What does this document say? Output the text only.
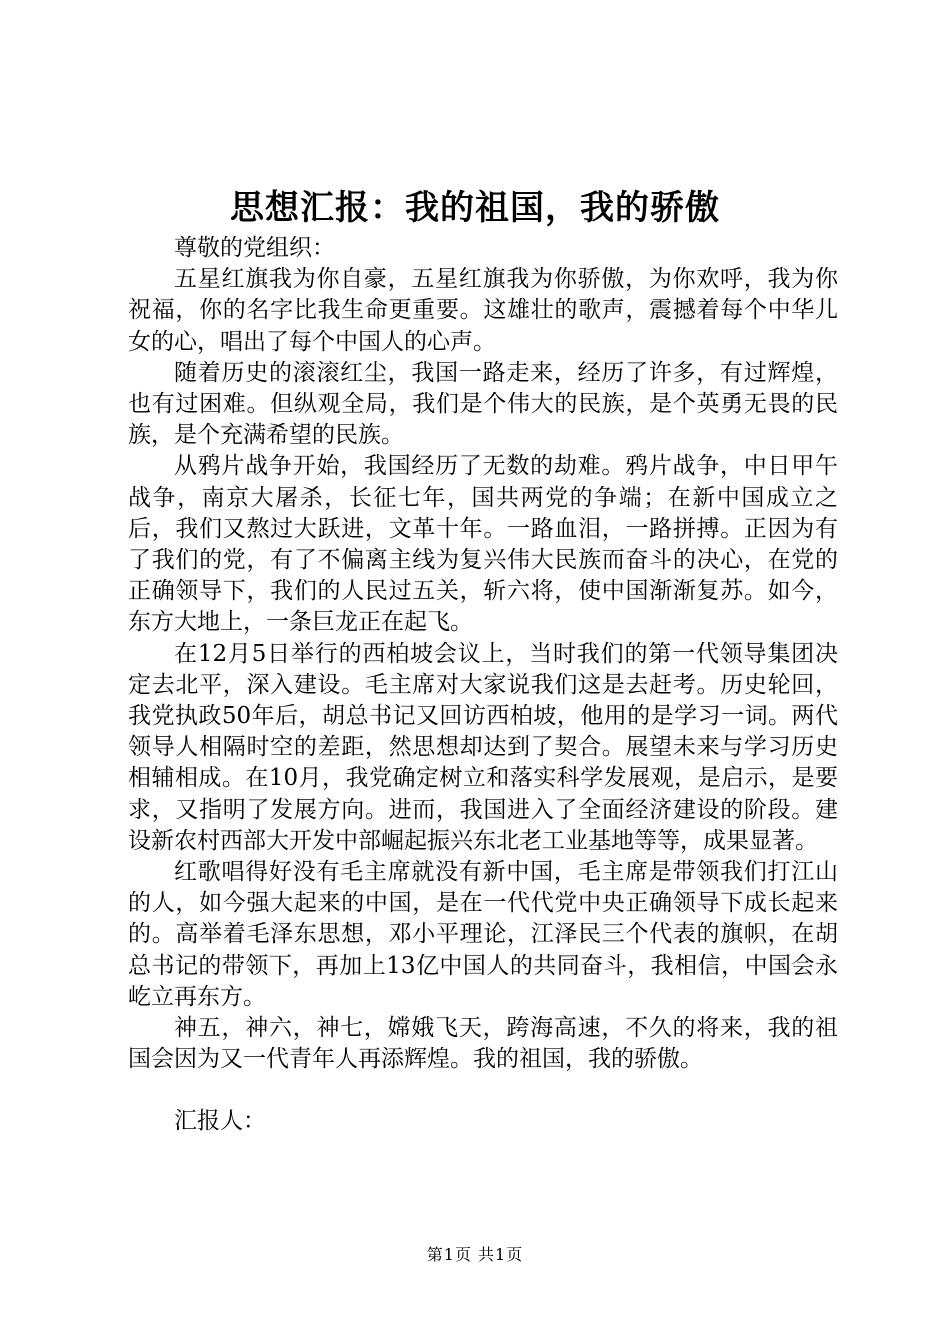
思想汇报：我的祖国，我的骄傲

尊敬的党组织：

五星红旗我为你自豪，五星红旗我为你骄傲，为你欢呼，我为你祝福，你的名字比我生命更重要。这雄壮的歌声，震撼着每个中华儿女的心，唱出了每个中国人的心声。

随着历史的滚滚红尘，我国一路走来，经历了许多，有过辉煌，也有过困难。但纵观全局，我们是个伟大的民族，是个英勇无畏的民族，是个充满希望的民族。

从鸦片战争开始，我国经历了无数的劫难。鸦片战争，中日甲午战争，南京大屠杀，长征七年，国共两党的争端；在新中国成立之后，我们又熬过大跃进，文革十年。一路血泪，一路拼搏。正因为有了我们的党，有了不偏离主线为复兴伟大民族而奋斗的决心，在党的正确领导下，我们的人民过五关，斩六将，使中国渐渐复苏。如今，东方大地上，一条巨龙正在起飞。

在12月5日举行的西柏坡会议上，当时我们的第一代领导集团决定去北平，深入建设。毛主席对大家说我们这是去赶考。历史轮回，我党执政50年后，胡总书记又回访西柏坡，他用的是学习一词。两代领导人相隔时空的差距，然思想却达到了契合。展望未来与学习历史相辅相成。在10月，我党确定树立和落实科学发展观，是启示，是要求，又指明了发展方向。进而，我国进入了全面经济建设的阶段。建设新农村西部大开发中部崛起振兴东北老工业基地等等，成果显著。

红歌唱得好没有毛主席就没有新中国，毛主席是带领我们打江山的人，如今强大起来的中国，是在一代代党中央正确领导下成长起来的。高举着毛泽东思想，邓小平理论，江泽民三个代表的旗帜，在胡总书记的带领下，再加上13亿中国人的共同奋斗，我相信，中国会永屹立再东方。

神五，神六，神七，嫦娥飞天，跨海高速，不久的将来，我的祖国会因为又一代青年人再添辉煌。我的祖国，我的骄傲。

汇报人：

第1页 共1页
